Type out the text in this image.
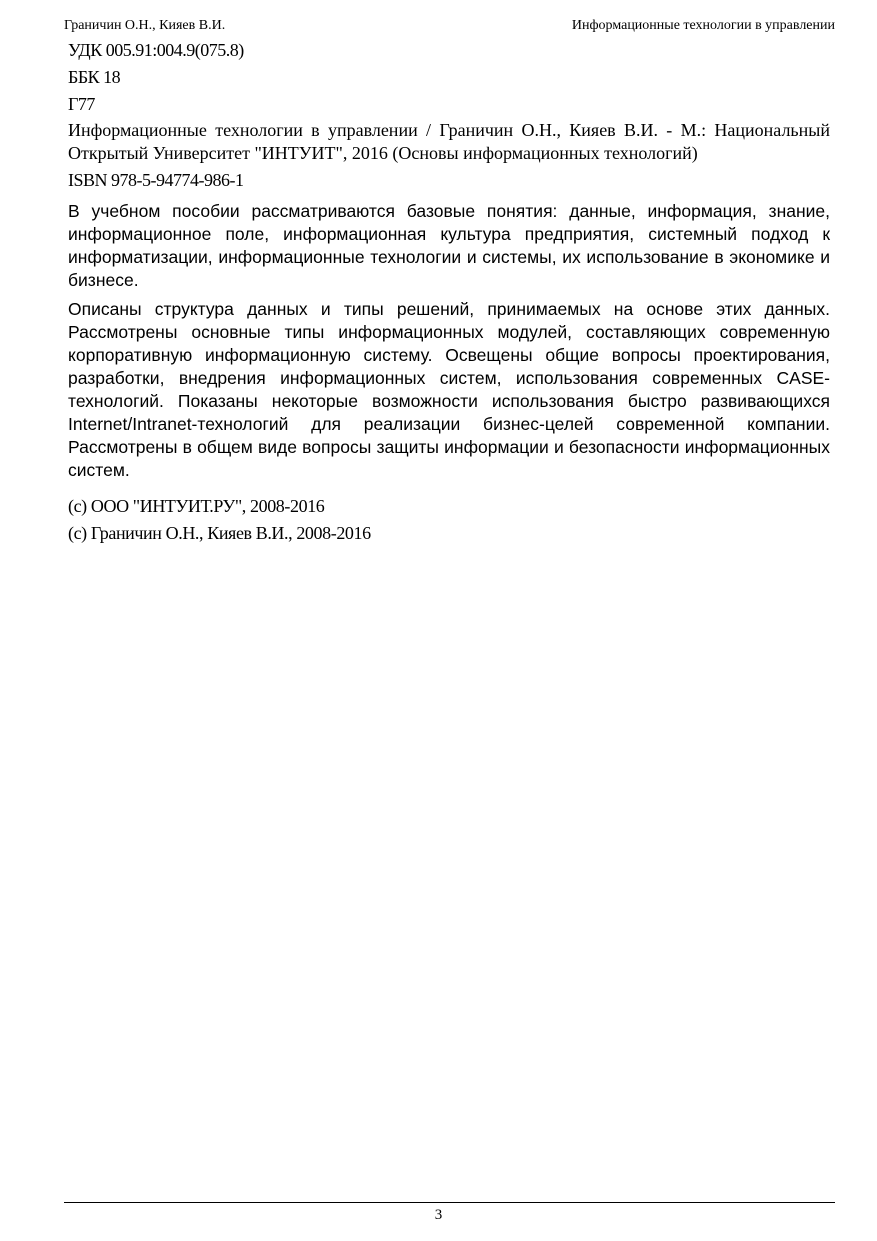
Граничин О.Н., Кияев В.И.	Информационные технологии в управлении
УДК 005.91:004.9(075.8)
ББК 18
Г77
Информационные технологии в управлении / Граничин О.Н., Кияев В.И. - М.: Национальный Открытый Университет "ИНТУИТ", 2016 (Основы информационных технологий)
ISBN 978-5-94774-986-1

В учебном пособии рассматриваются базовые понятия: данные, информация, знание, информационное поле, информационная культура предприятия, системный подход к информатизации, информационные технологии и системы, их использование в экономике и бизнесе.

Описаны структура данных и типы решений, принимаемых на основе этих данных. Рассмотрены основные типы информационных модулей, составляющих современную корпоративную информационную систему. Освещены общие вопросы проектирования, разработки, внедрения информационных систем, использования современных CASE-технологий. Показаны некоторые возможности использования быстро развивающихся Internet/Intranet-технологий для реализации бизнес-целей современной компании. Рассмотрены в общем виде вопросы защиты информации и безопасности информационных систем.

(c) ООО "ИНТУИТ.РУ", 2008-2016
(c) Граничин О.Н., Кияев В.И., 2008-2016
3
